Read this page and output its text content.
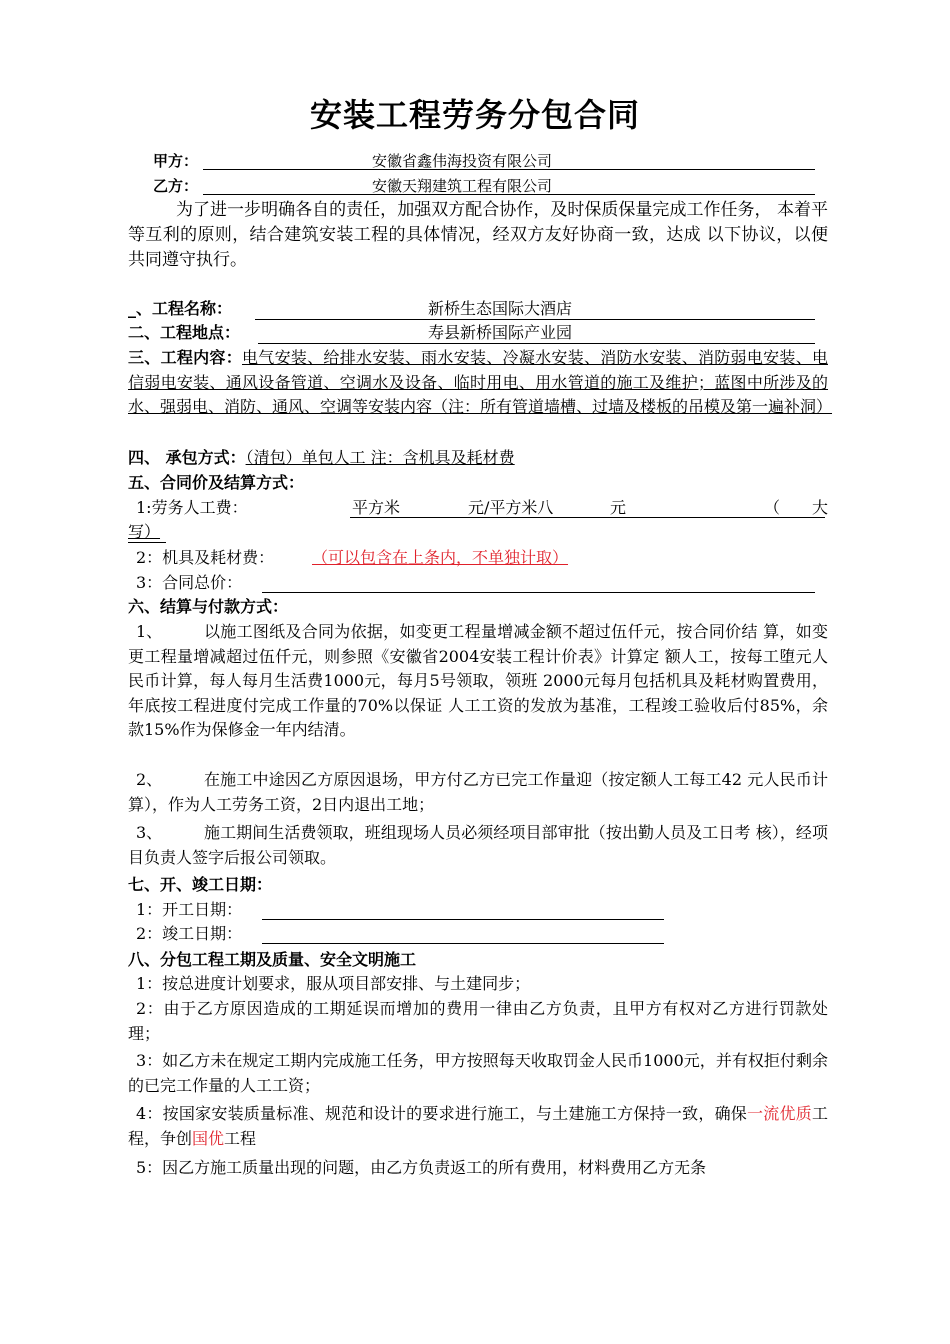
安装工程劳务分包合同
甲方：	安徽省鑫伟海投资有限公司
乙方：	安徽天翔建筑工程有限公司
为了进一步明确各自的责任，加强双方配合协作，及时保质保量完成工作任务， 本着平等互利的原则，结合建筑安装工程的具体情况，经双方友好协商一致，达成 以下协议，以便共同遵守执行。
_、工程名称：	新桥生态国际大酒店
二、工程地点：	寿县新桥国际产业园
三、工程内容：电气安装、给排水安装、雨水安装、冷凝水安装、消防水安装、消防弱电安装、电信弱电安装、通风设备管道、空调水及设备、临时用电、用水管道的施工及维护；蓝图中所涉及的水、强弱电、消防、通风、空调等安装内容（注：所有管道墙槽、过墙及楼板的吊模及第一遍补洞）
四、 承包方式：（清包）单包人工 注：含机具及耗材费
五、合同价及结算方式：
1:劳务人工费：	平方米	元/平方米八	元	（ 大
写）
2：机具及耗材费： （可以包含在上条内，不单独计取）
3：合同总价：
六、结算与付款方式：
以施工图纸及合同为依据，如变更工程量增减金额不超过伍仟元，按合同价结 算，如变更工程量增减超过伍仟元，则参照《安徽省2004安装工程计价表》计算定 额人工，按每工堕元人民币计算，每人每月生活费1000元，每月5号领取，领班 2000元每月包括机具及耗材购置费用，年底按工程进度付完成工作量的70%以保证 人工工资的发放为基准，工程竣工验收后付85%，余款15%作为保修金一年内结清。
1、
在施工中途因乙方原因退场，甲方付乙方已完工作量迎（按定额人工每工42 元人民币计算），作为人工劳务工资，2日内退出工地；
2、
施工期间生活费领取，班组现场人员必须经项目部审批（按出勤人员及工日考 核），经项目负责人签字后报公司领取。
3、
七、开、竣工日期：
1：开工日期：
2：竣工日期：
八、分包工程工期及质量、安全文明施工
1：按总进度计划要求，服从项目部安排、与土建同步；
2：由于乙方原因造成的工期延误而增加的费用一律由乙方负责，且甲方有权对乙方进行罚款处理；
3：如乙方未在规定工期内完成施工任务，甲方按照每天收取罚金人民币1000元，并有权拒付剩余的已完工作量的人工工资；
4：按国家安装质量标准、规范和设计的要求进行施工，与土建施工方保持一致，确保一流优质工程，争创国优工程
5：因乙方施工质量出现的问题，由乙方负责返工的所有费用，材料费用乙方无条
